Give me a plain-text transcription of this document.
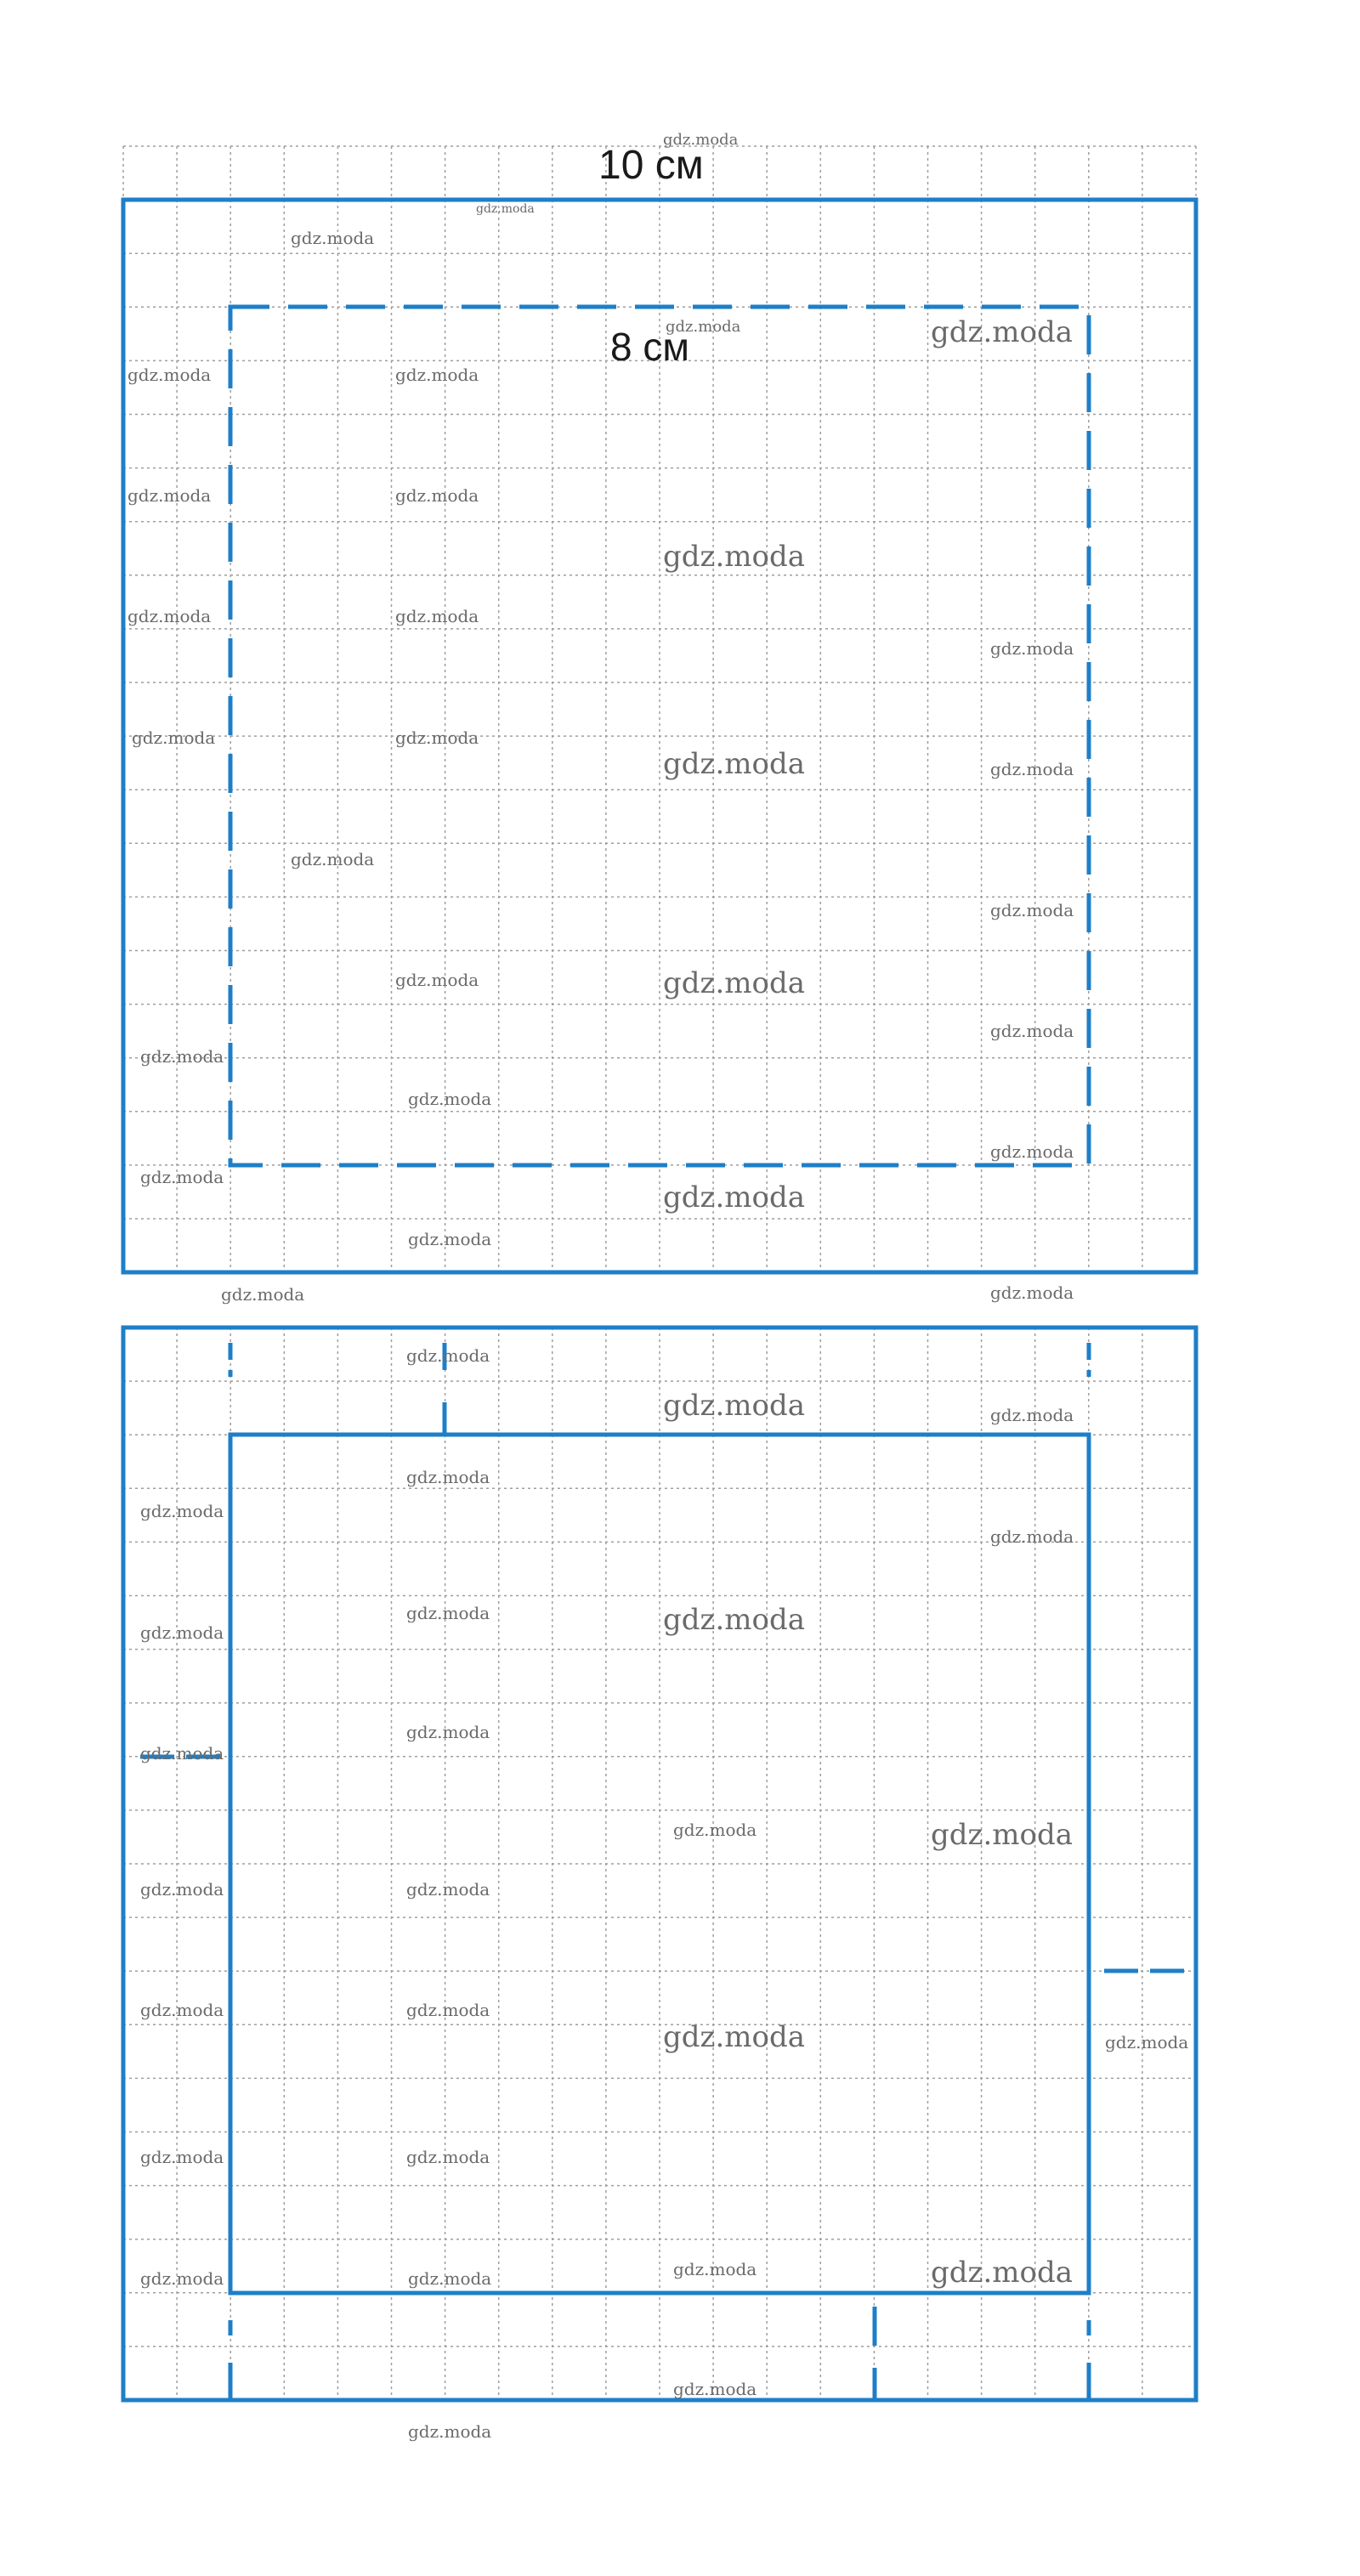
10 см
8 см
gdz.moda
gdz.moda
gdz.moda
gdz.moda	gdz.moda
gdz.moda	gdz.moda
gdz.moda
gdz.moda	gdz.moda
gdz.moda	gdz.moda
gdz.moda
gdz.moda	gdz.moda
gdz.moda	gdz.moda
gdz.moda
gdz.moda
gdz.moda	gdz.moda
gdz.moda
gdz.moda
gdz.moda
gdz.moda
gdz.moda
gdz.moda
gdz.moda
gdz.moda	gdz.moda
gdz.moda
gdz.moda	gdz.moda
gdz.moda
gdz.moda
gdz.moda
gdz.moda
gdz.moda	gdz.moda
gdz.moda
gdz.moda
gdz.moda	gdz.moda
gdz.moda	gdz.moda
gdz.moda	gdz.moda
gdz.moda	gdz.moda
gdz.moda	gdz.moda
gdz.moda	gdz.moda	gdz.moda	gdz.moda
gdz.moda
gdz.moda
